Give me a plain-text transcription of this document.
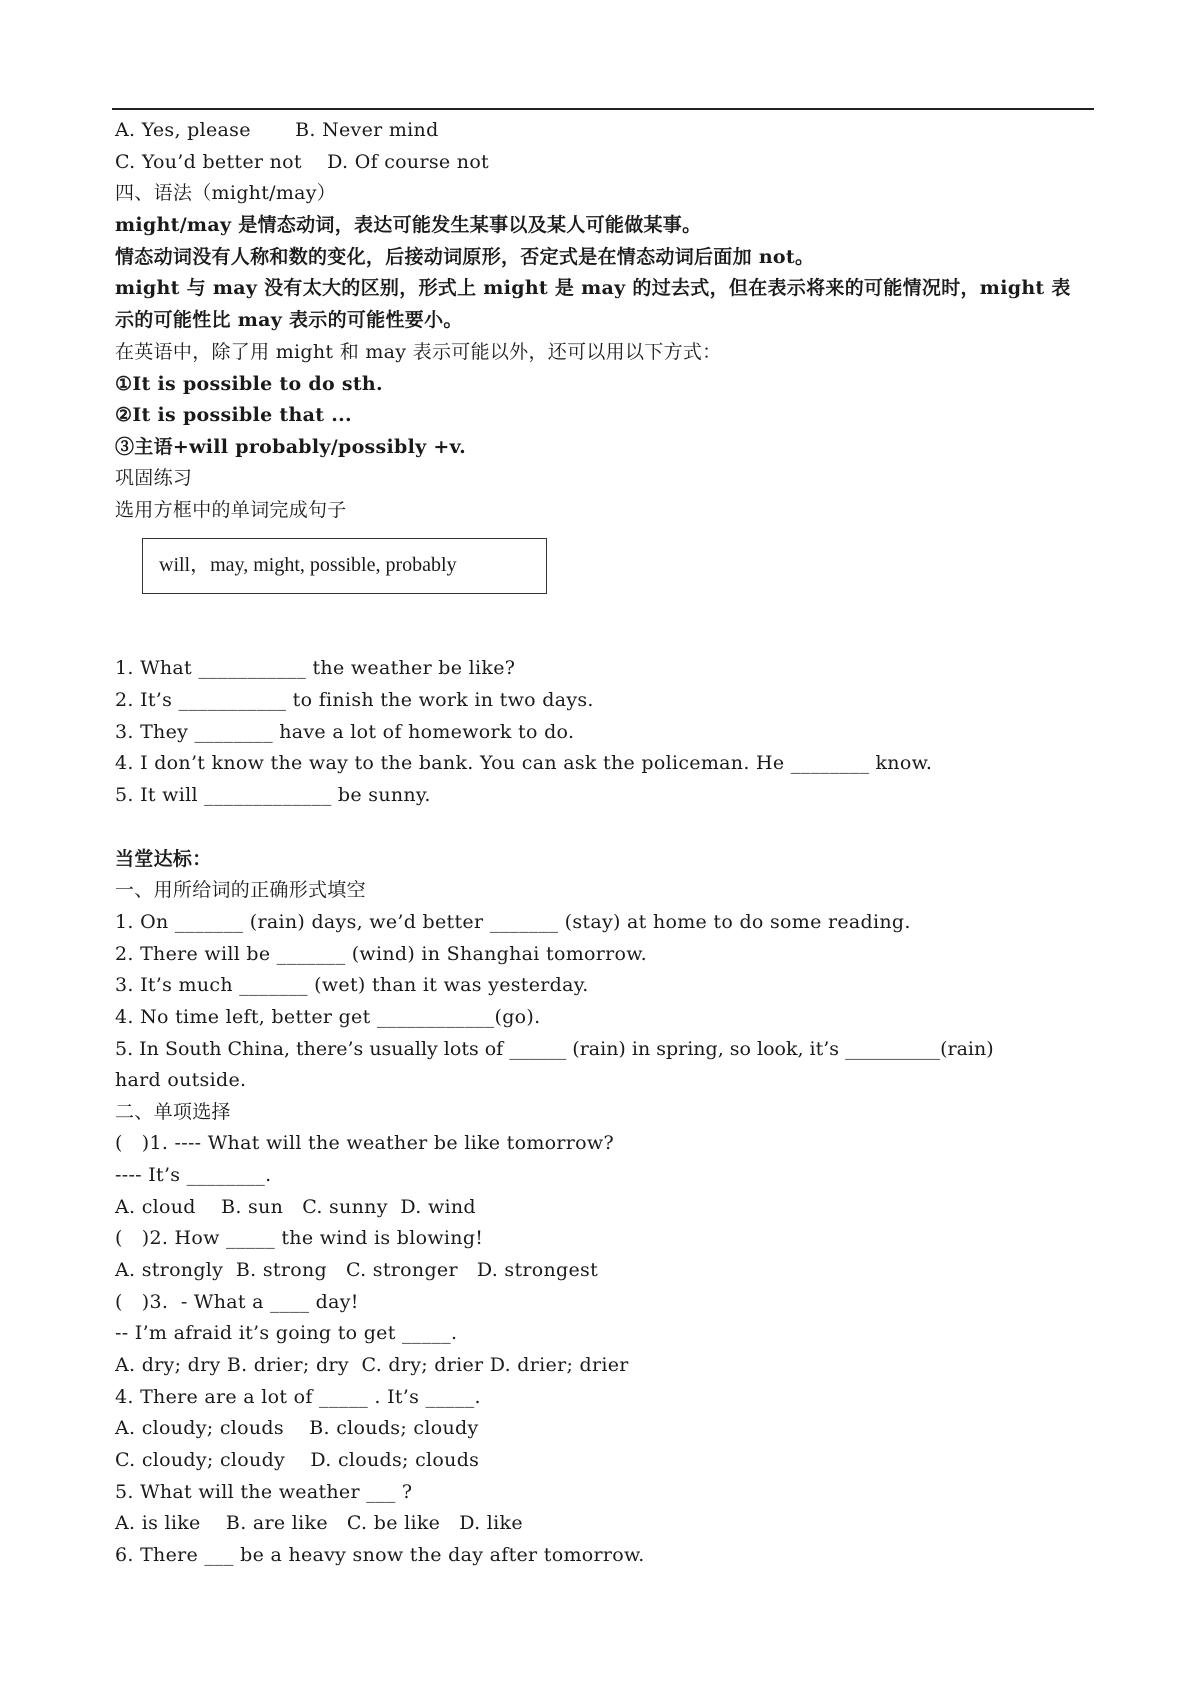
A. Yes, please       B. Never mind
C. You’d better not    D. Of course not
四、语法（might/may）
might/may 是情态动词，表达可能发生某事以及某人可能做某事。
情态动词没有人称和数的变化，后接动词原形，否定式是在情态动词后面加 not。
might 与 may 没有太大的区别，形式上 might 是 may 的过去式，但在表示将来的可能情况时，might 表
示的可能性比 may 表示的可能性要小。
在英语中，除了用 might 和 may 表示可能以外，还可以用以下方式：
①It is possible to do sth.
②It is possible that ...
③主语+will probably/possibly +v.
巩固练习
选用方框中的单词完成句子
will，may, might, possible, probably
1. What ___________ the weather be like?
2. It’s ___________ to finish the work in two days.
3. They ________ have a lot of homework to do.
4. I don’t know the way to the bank. You can ask the policeman. He ________ know.
5. It will _____________ be sunny.
当堂达标：
一、用所给词的正确形式填空
1. On _______ (rain) days, we’d better _______ (stay) at home to do some reading.
2. There will be _______ (wind) in Shanghai tomorrow.
3. It’s much _______ (wet) than it was yesterday.
4. No time left, better get ____________(go).
5. In South China, there’s usually lots of ______ (rain) in spring, so look, it’s __________(rain)
hard outside.
二、单项选择
(   )1. ---- What will the weather be like tomorrow?
---- It’s ________.
A. cloud    B. sun   C. sunny  D. wind
(   )2. How _____ the wind is blowing!
A. strongly  B. strong   C. stronger   D. strongest
(   )3.  - What a ____ day!
-- I’m afraid it’s going to get _____.
A. dry; dry B. drier; dry  C. dry; drier D. drier; drier
4. There are a lot of _____ . It’s _____.
A. cloudy; clouds    B. clouds; cloudy
C. cloudy; cloudy    D. clouds; clouds
5. What will the weather ___ ?
A. is like    B. are like   C. be like   D. like
6. There ___ be a heavy snow the day after tomorrow.
